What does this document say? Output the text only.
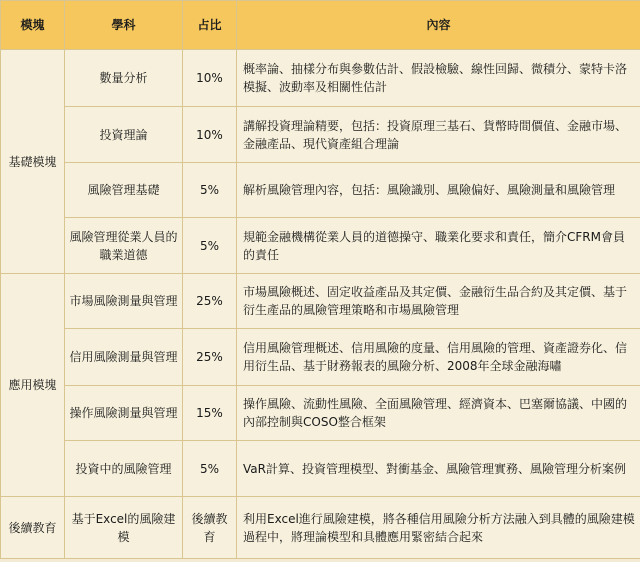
模塊	學科	占比	內容
基礎模塊	數量分析	10%	概率論、抽樣分布與參數估計、假設檢驗、線性回歸、微積分、蒙特卡洛模擬、波動率及相關性估計
	投資理論	10%	講解投資理論精要，包括：投資原理三基石、貨幣時間價值、金融市場、金融產品、現代資產組合理論
	風險管理基礎	5%	解析風險管理內容，包括：風險識別、風險偏好、風險測量和風險管理
	風險管理從業人員的職業道德	5%	規範金融機構從業人員的道德操守、職業化要求和責任，簡介CFRM會員的責任
應用模塊	市場風險測量與管理	25%	市場風險概述、固定收益產品及其定價、金融衍生品合約及其定價、基于衍生產品的風險管理策略和市場風險管理
	信用風險測量與管理	25%	信用風險管理概述、信用風險的度量、信用風險的管理、資產證券化、信用衍生品、基于財務報表的風險分析、2008年全球金融海嘯
	操作風險測量與管理	15%	操作風險、流動性風險、全面風險管理、經濟資本、巴塞爾協議、中國的內部控制與COSO整合框架
	投資中的風險管理	5%	VaR計算、投資管理模型、對衝基金、風險管理實務、風險管理分析案例
後續教育	基于Excel的風險建模	後續教育	利用Excel進行風險建模，將各種信用風險分析方法融入到具體的風險建模過程中，將理論模型和具體應用緊密結合起來
